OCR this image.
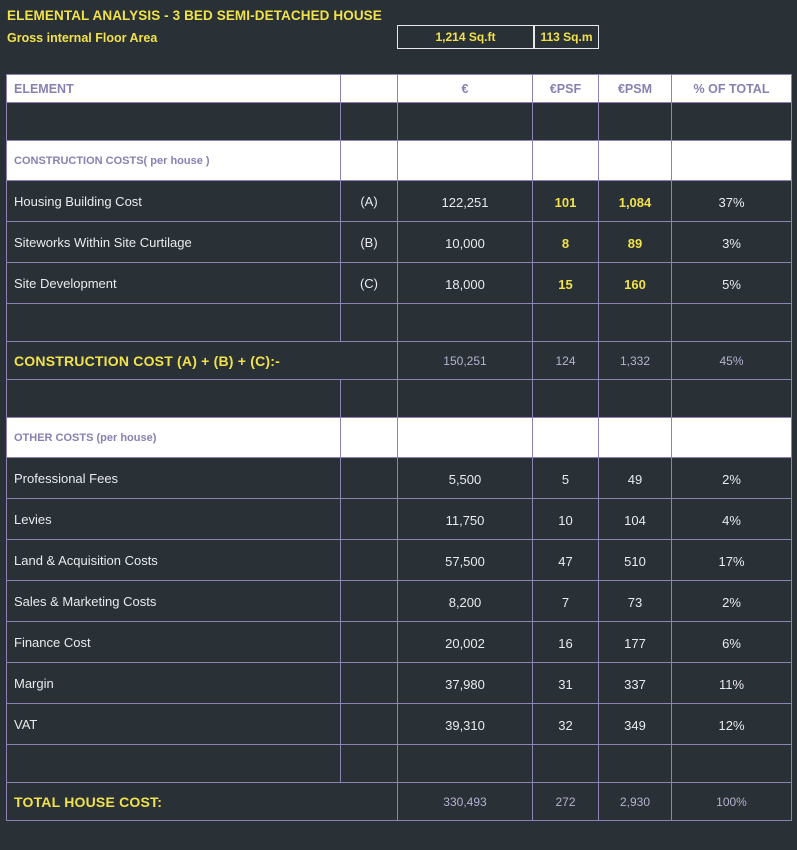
ELEMENTAL ANALYSIS - 3 BED SEMI-DETACHED HOUSE
Gross internal Floor Area	1,214 Sq.ft	113 Sq.m
ELEMENT		€	€PSF	€PSM	% OF TOTAL

CONSTRUCTION COSTS( per house )					
Housing Building Cost	(A)	122,251	101	1,084	37%
Siteworks Within Site Curtilage	(B)	10,000	8	89	3%
Site Development	(C)	18,000	15	160	5%

CONSTRUCTION COST (A) + (B) + (C):-		150,251	124	1,332	45%

OTHER COSTS (per house)					
Professional Fees		5,500	5	49	2%
Levies		11,750	10	104	4%
Land & Acquisition Costs		57,500	47	510	17%
Sales & Marketing Costs		8,200	7	73	2%
Finance Cost		20,002	16	177	6%
Margin		37,980	31	337	11%
VAT		39,310	32	349	12%

TOTAL HOUSE COST:		330,493	272	2,930	100%
